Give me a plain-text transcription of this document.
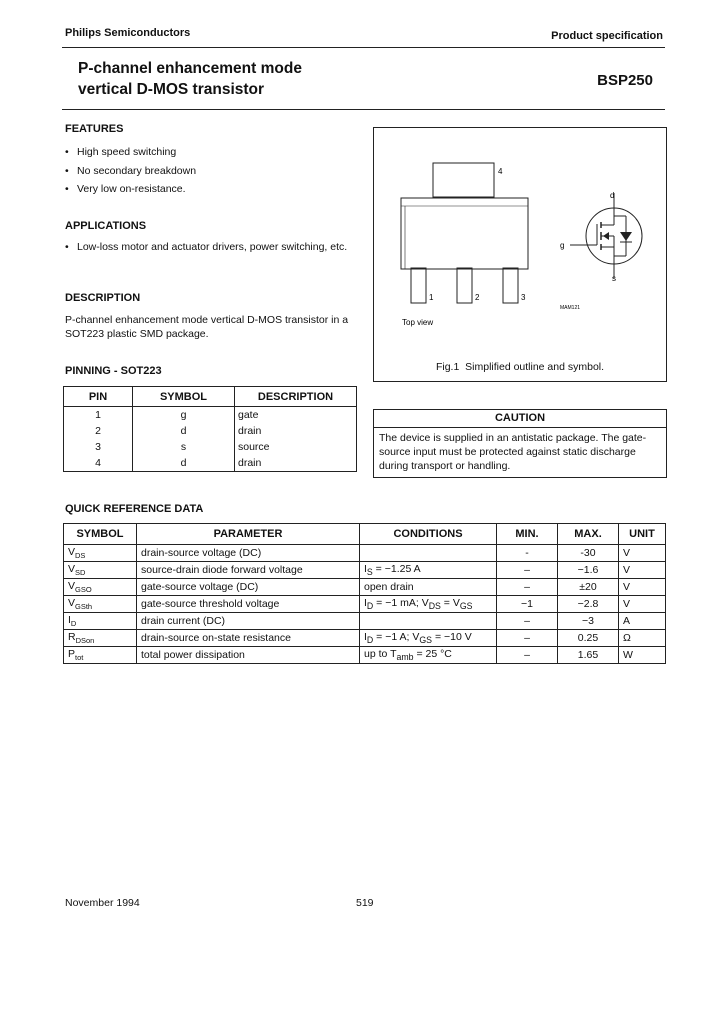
Philips Semiconductors	Product specification
P-channel enhancement mode
vertical D-MOS transistor
BSP250
FEATURES
• High speed switching
• No secondary breakdown
• Very low on-resistance.
APPLICATIONS
• Low-loss motor and actuator drivers, power switching, etc.
DESCRIPTION
P-channel enhancement mode vertical D-MOS transistor in a SOT223 plastic SMD package.
PINNING - SOT223
PIN	SYMBOL	DESCRIPTION
1	g	gate
2	d	drain
3	s	source
4	d	drain
4
1	2	3
Top view
MAM121
d
g
s
Fig.1 Simplified outline and symbol.
CAUTION
The device is supplied in an antistatic package. The gate-source input must be protected against static discharge during transport or handling.
QUICK REFERENCE DATA
SYMBOL	PARAMETER	CONDITIONS	MIN.	MAX.	UNIT
$V_{DS}$	drain-source voltage (DC)		-	-30	V
$V_{SD}$	source-drain diode forward voltage	$I_S = -1.25$ A	–	−1.6	V
$V_{GSO}$	gate-source voltage (DC)	open drain	–	±20	V
$V_{GSth}$	gate-source threshold voltage	$I_D = -1$ mA; $V_{DS} = V_{GS}$	−1	−2.8	V
$I_D$	drain current (DC)		–	−3	A
$R_{DSon}$	drain-source on-state resistance	$I_D = -1$ A; $V_{GS} = -10$ V	–	0.25	Ω
$P_{tot}$	total power dissipation	up to $T_{amb} = 25$ °C	–	1.65	W
November 1994	519
